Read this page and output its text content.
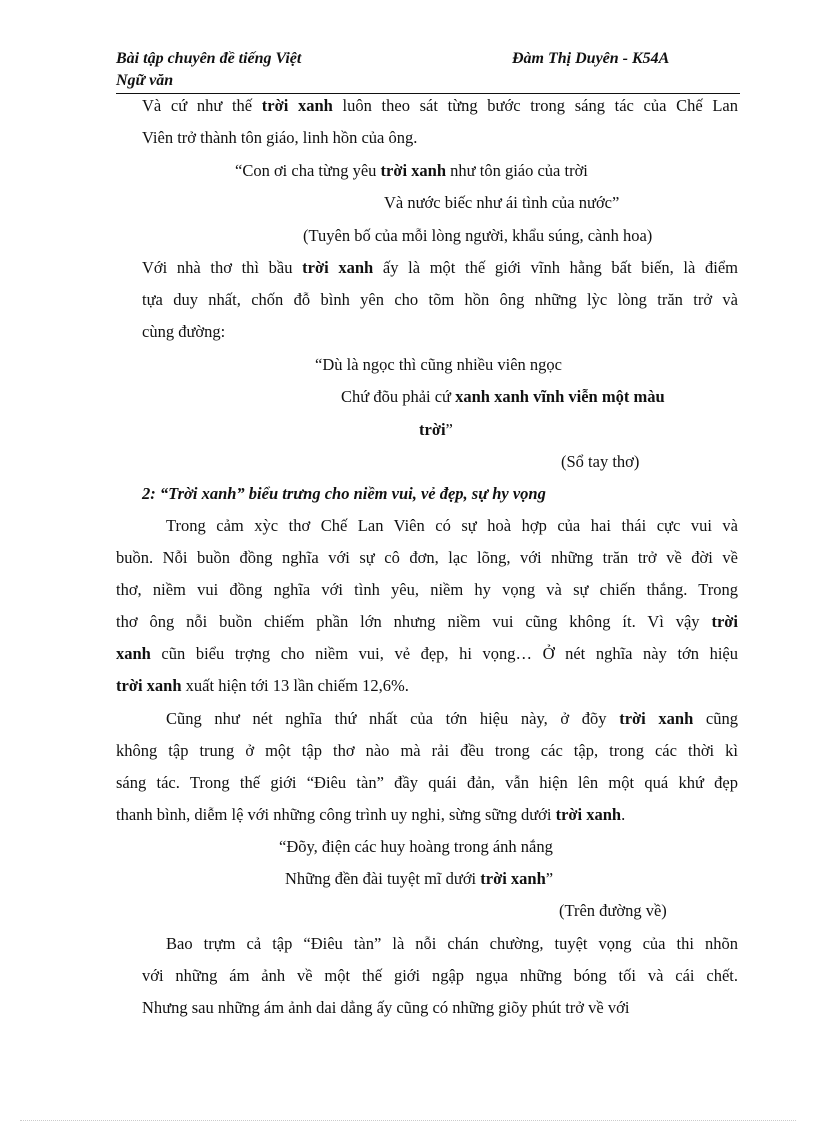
Bài tập chuyên đề tiếng Việt	Đàm Thị Duyên - K54A
Ngữ văn
Và cứ như thế trời xanh luôn theo sát từng bước trong sáng tác của Chế Lan
Viên trở thành tôn giáo, linh hồn của ông.
“Con ơi cha từng yêu trời xanh như tôn giáo của trời
Và nước biếc như ái tình của nước”
(Tuyên bố của mỗi lòng người, khẩu súng, cành hoa)
Với nhà thơ thì bầu trời xanh ấy là một thế giới vĩnh hằng bất biến, là điểm
tựa duy nhất, chốn đỗ bình yên cho tõm hồn ông những lỳc lòng trăn trở và
cùng đường:
“Dù là ngọc thì cũng nhiều viên ngọc
Chứ đõu phải cứ xanh xanh vĩnh viễn một màu
trời”
(Sổ tay thơ)
2: “Trời xanh” biểu trưng cho niềm vui, vẻ đẹp, sự hy vọng
Trong cảm xỳc thơ Chế Lan Viên có sự hoà hợp của hai thái cực vui và
buồn. Nỗi buồn đồng nghĩa với sự cô đơn, lạc lõng, với những trăn trở về đời về
thơ, niềm vui đồng nghĩa với tình yêu, niềm hy vọng và sự chiến thắng. Trong
thơ ông nỗi buồn chiếm phần lớn nhưng niềm vui cũng không ít. Vì vậy trời
xanh cũn biểu trợng cho niềm vui, vẻ đẹp, hi vọng… Ở nét nghĩa này tớn hiệu
trời xanh xuất hiện tới 13 lần chiếm 12,6%.
Cũng như nét nghĩa thứ nhất của tớn hiệu này, ở đõy trời xanh cũng
không tập trung ở một tập thơ nào mà rải đều trong các tập, trong các thời kì
sáng tác. Trong thế giới “Điêu tàn” đầy quái đản, vẫn hiện lên một quá khứ đẹp
thanh bình, diễm lệ với những công trình uy nghi, sừng sững dưới trời xanh.
“Đõy, điện các huy hoàng trong ánh nắng
Những đền đài tuyệt mĩ dưới trời xanh”
(Trên đường về)
Bao trựm cả tập “Điêu tàn” là nỗi chán chường, tuyệt vọng của thi nhõn
với những ám ảnh về một thế giới ngập ngụa những bóng tối và cái chết.
Nhưng sau những ám ảnh dai dẳng ấy cũng có những giõy phút trở về với
